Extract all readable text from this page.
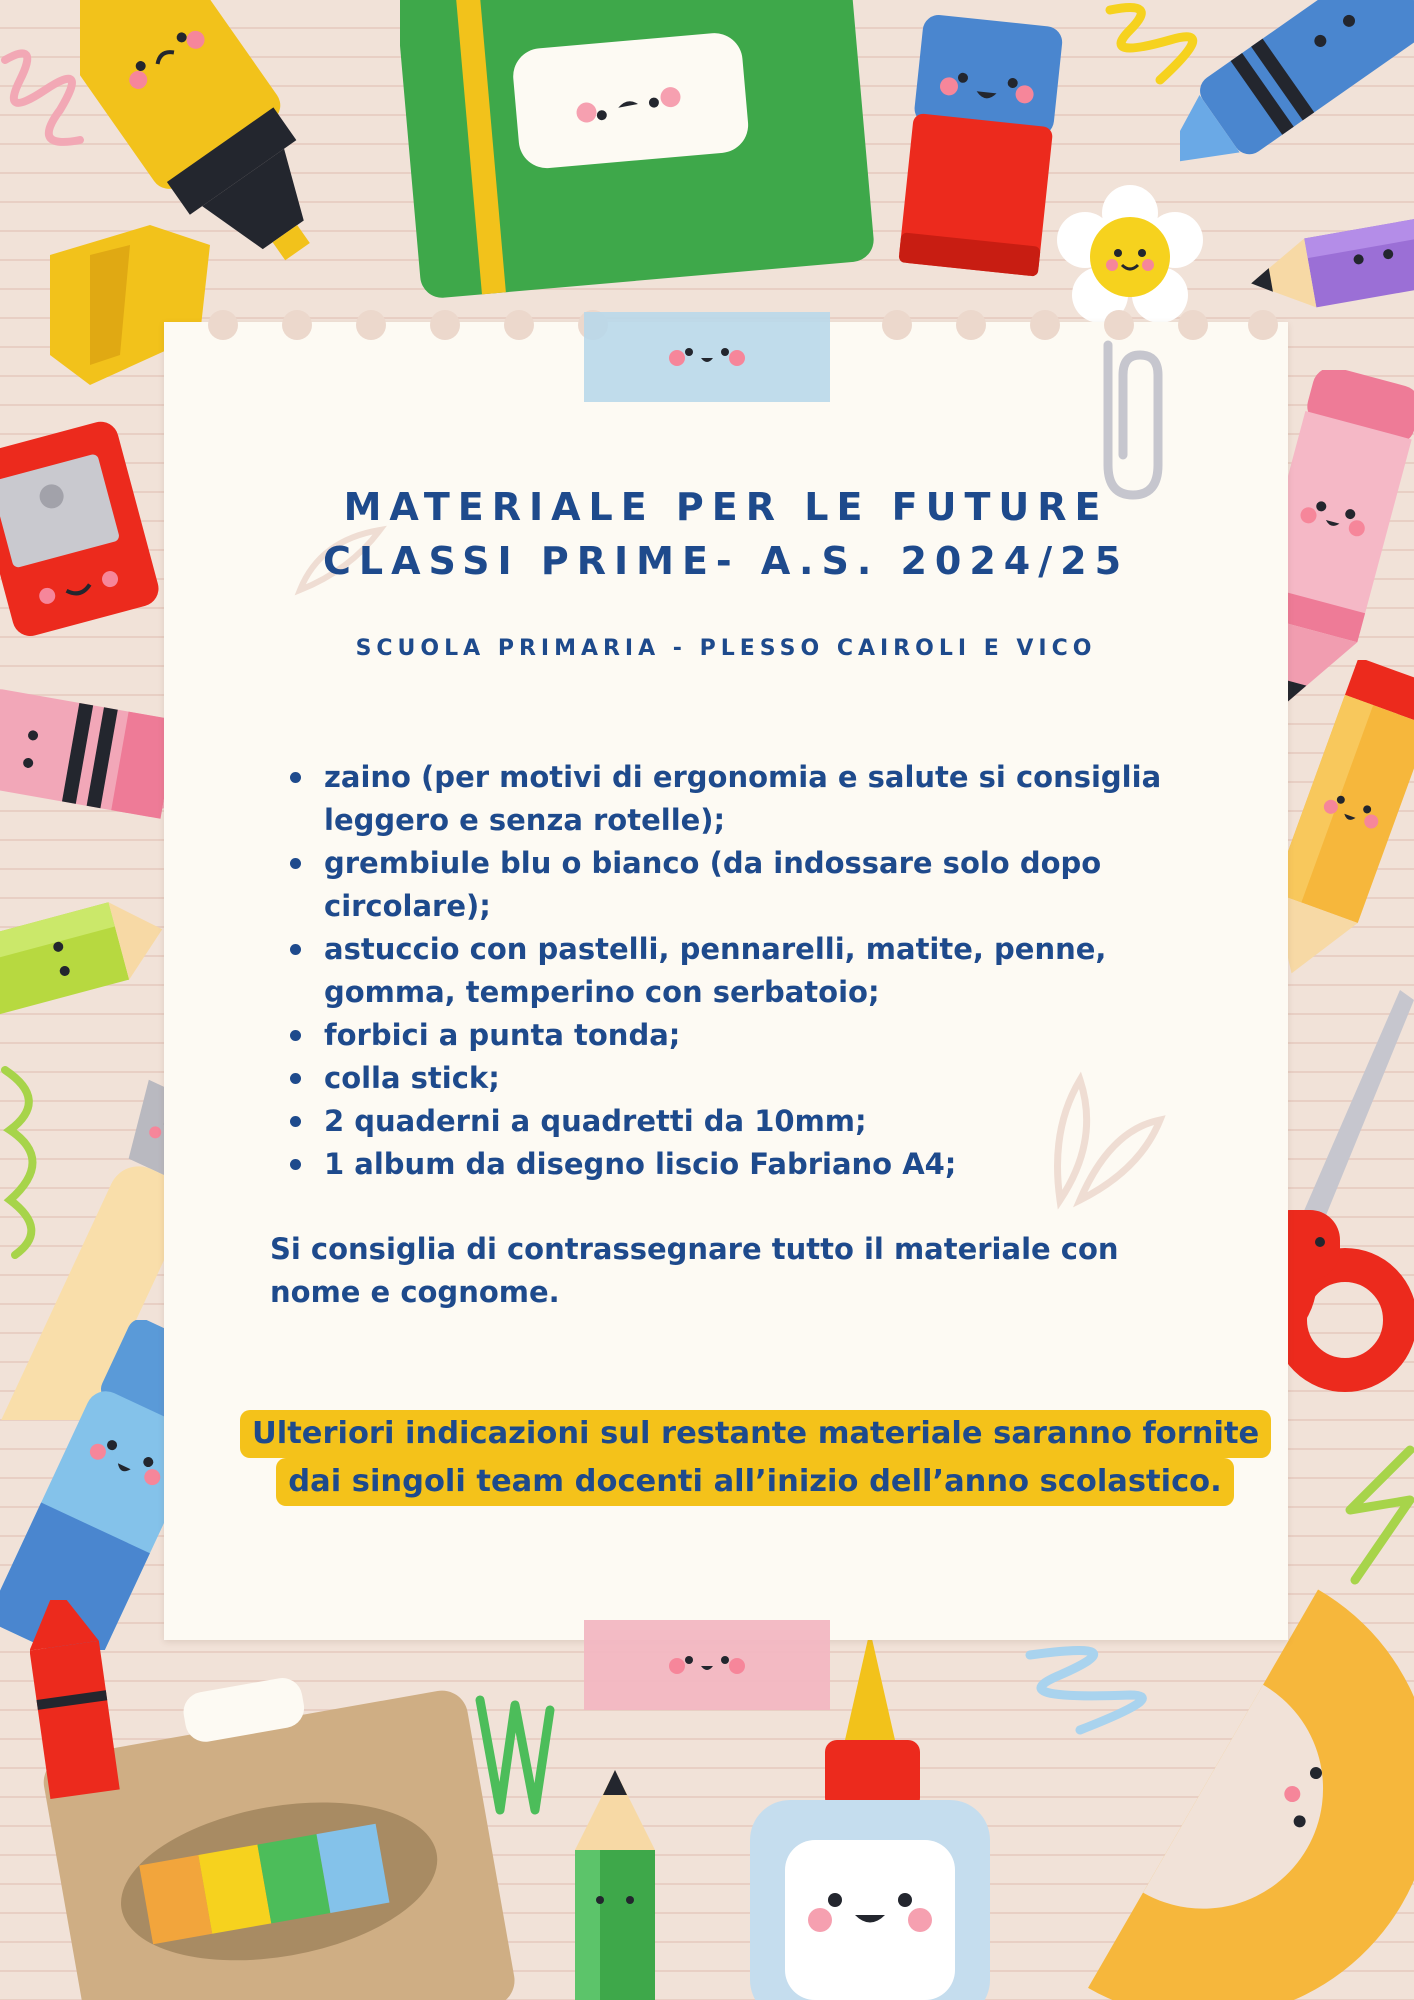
MATERIALE PER LE FUTURE
CLASSI PRIME- A.S. 2024/25

SCUOLA PRIMARIA - PLESSO CAIROLI E VICO

zaino (per motivi di ergonomia e salute si consiglia leggero e senza rotelle);
grembiule blu o bianco (da indossare solo dopo circolare);
astuccio con pastelli, pennarelli, matite, penne, gomma, temperino con serbatoio;
forbici a punta tonda;
colla stick;
2 quaderni a quadretti da 10mm;
1 album da disegno liscio Fabriano A4;

Si consiglia di contrassegnare tutto il materiale con nome e cognome.

Ulteriori indicazioni sul restante materiale saranno fornite
dai singoli team docenti all’inizio dell’anno scolastico.
